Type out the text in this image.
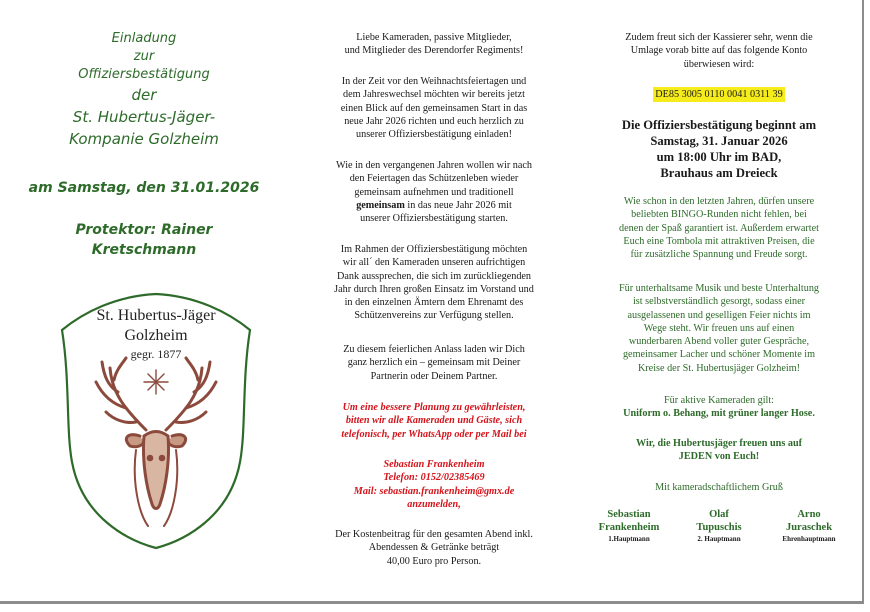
Einladung
zur
Offiziersbestätigung
der
St. Hubertus-Jäger-
Kompanie Golzheim
am Samstag, den 31.01.2026
Protektor: Rainer
Kretschmann
St. Hubertus-Jäger
Golzheim
gegr. 1877

Liebe Kameraden, passive Mitglieder,

und Mitglieder des Derendorfer Regiments!

In der Zeit vor den Weihnachtsfeiertagen und

dem Jahreswechsel möchten wir bereits jetzt

einen Blick auf den gemeinsamen Start in das

neue Jahr 2026 richten und euch herzlich zu

unserer Offiziersbestätigung einladen!

Wie in den vergangenen Jahren wollen wir nach

den Feiertagen das Schützenleben wieder

gemeinsam aufnehmen und traditionell

gemeinsam in das neue Jahr 2026 mit

unserer Offiziersbestätigung starten.

Im Rahmen der Offiziersbestätigung möchten

wir all´ den Kameraden unseren aufrichtigen

Dank aussprechen, die sich im zurückliegenden

Jahr durch Ihren großen Einsatz im Vorstand und

in den einzelnen Ämtern dem Ehrenamt des

Schützenvereins zur Verfügung stellen.

Zu diesem feierlichen Anlass laden wir Dich

ganz herzlich ein – gemeinsam mit Deiner

Partnerin oder Deinem Partner.

Um eine bessere Planung zu gewährleisten,

bitten wir alle Kameraden und Gäste, sich

telefonisch, per WhatsApp oder per Mail bei

Sebastian Frankenheim

Telefon: 0152/02385469

Mail: sebastian.frankenheim@gmx.de

anzumelden,

Der Kostenbeitrag für den gesamten Abend inkl.

Abendessen & Getränke beträgt

40,00 Euro pro Person.

Zudem freut sich der Kassierer sehr, wenn die

Umlage vorab bitte auf das folgende Konto

überwiesen wird:

DE85 3005 0110 0041 0311 39

Die Offiziersbestätigung beginnt am

Samstag, 31. Januar 2026

um 18:00 Uhr im BAD,

Brauhaus am Dreieck

Wie schon in den letzten Jahren, dürfen unsere

beliebten BINGO-Runden nicht fehlen, bei

denen der Spaß garantiert ist. Außerdem erwartet

Euch eine Tombola mit attraktiven Preisen, die

für zusätzliche Spannung und Freude sorgt.

Für unterhaltsame Musik und beste Unterhaltung

ist selbstverständlich gesorgt, sodass einer

ausgelassenen und geselligen Feier nichts im

Wege steht. Wir freuen uns auf einen

wunderbaren Abend voller guter Gespräche,

gemeinsamer Lacher und schöner Momente im

Kreise der St. Hubertusjäger Golzheim!

Für aktive Kameraden gilt:

Uniform o. Behang, mit grüner langer Hose.

Wir, die Hubertusjäger freuen uns auf

JEDEN von Euch!

Mit kameradschaftlichem Gruß

Sebastian
Frankenheim
1.Hauptmann
Olaf
Tupuschis
2. Hauptmann
Arno
Juraschek
Ehrenhauptmann
